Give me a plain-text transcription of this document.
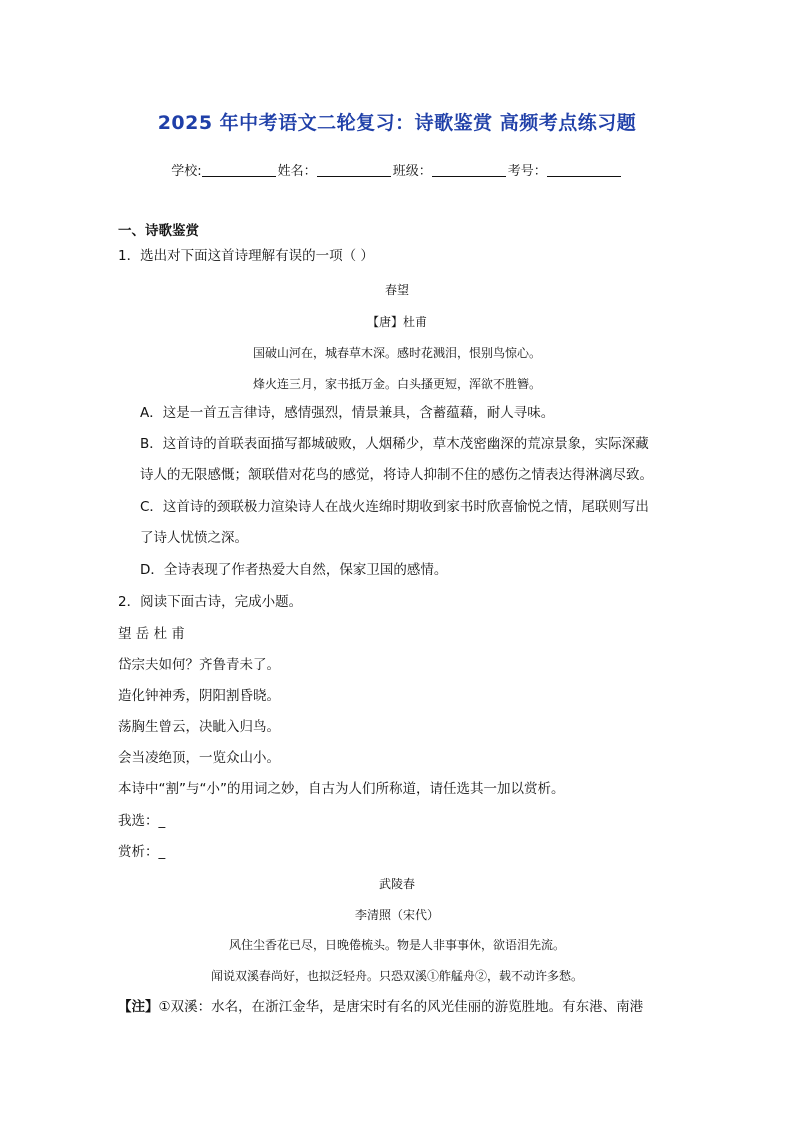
2025 年中考语文二轮复习：诗歌鉴赏 高频考点练习题
学校:	姓名：	班级：	考号：
一、诗歌鉴赏
1．选出对下面这首诗理解有误的一项（ ）
春望
【唐】杜甫
国破山河在，城春草木深。感时花溅泪，恨别鸟惊心。
烽火连三月，家书抵万金。白头搔更短，浑欲不胜簪。
A．这是一首五言律诗，感情强烈，情景兼具，含蓄蕴藉，耐人寻味。
B．这首诗的首联表面描写都城破败，人烟稀少，草木茂密幽深的荒凉景象，实际深藏
诗人的无限感慨；颔联借对花鸟的感觉，将诗人抑制不住的感伤之情表达得淋漓尽致。
C．这首诗的颈联极力渲染诗人在战火连绵时期收到家书时欣喜愉悦之情，尾联则写出
了诗人忧愤之深。
D．全诗表现了作者热爱大自然，保家卫国的感情。
2．阅读下面古诗，完成小题。
望 岳 杜 甫
岱宗夫如何？齐鲁青未了。
造化钟神秀，阴阳割昏晓。
荡胸生曾云，决眦入归鸟。
会当凌绝顶，一览众山小。
本诗中“割”与“小”的用词之妙，自古为人们所称道，请任选其一加以赏析。
我选：_
赏析：_
武陵春
李清照（宋代）
风住尘香花已尽，日晚倦梳头。物是人非事事休，欲语泪先流。
闻说双溪春尚好，也拟泛轻舟。只恐双溪①舴艋舟②，载不动许多愁。
【注】①双溪：水名，在浙江金华，是唐宋时有名的风光佳丽的游览胜地。有东港、南港
